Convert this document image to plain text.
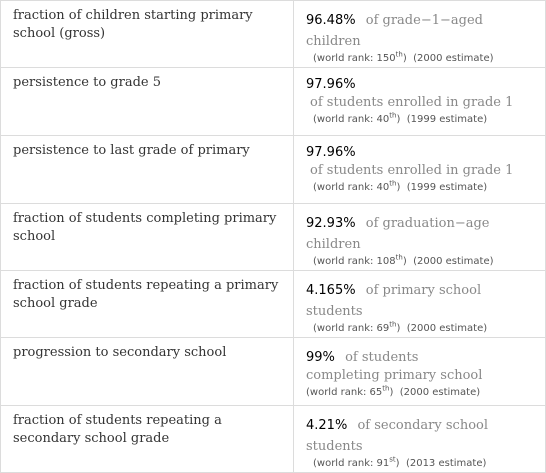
fraction of children starting primary school (gross)	96.48% of grade−1−aged children
(world rank: 150th) (2000 estimate)

persistence to grade 5	97.96%
of students enrolled in grade 1
(world rank: 40th) (1999 estimate)

persistence to last grade of primary	97.96%
of students enrolled in grade 1
(world rank: 40th) (1999 estimate)

fraction of students completing primary school	92.93% of graduation−age children
(world rank: 108th) (2000 estimate)

fraction of students repeating a primary school grade	4.165% of primary school students
(world rank: 69th) (2000 estimate)

progression to secondary school	99% of students
completing primary school
(world rank: 65th) (2000 estimate)

fraction of students repeating a secondary school grade	4.21% of secondary school students
(world rank: 91st) (2013 estimate)
